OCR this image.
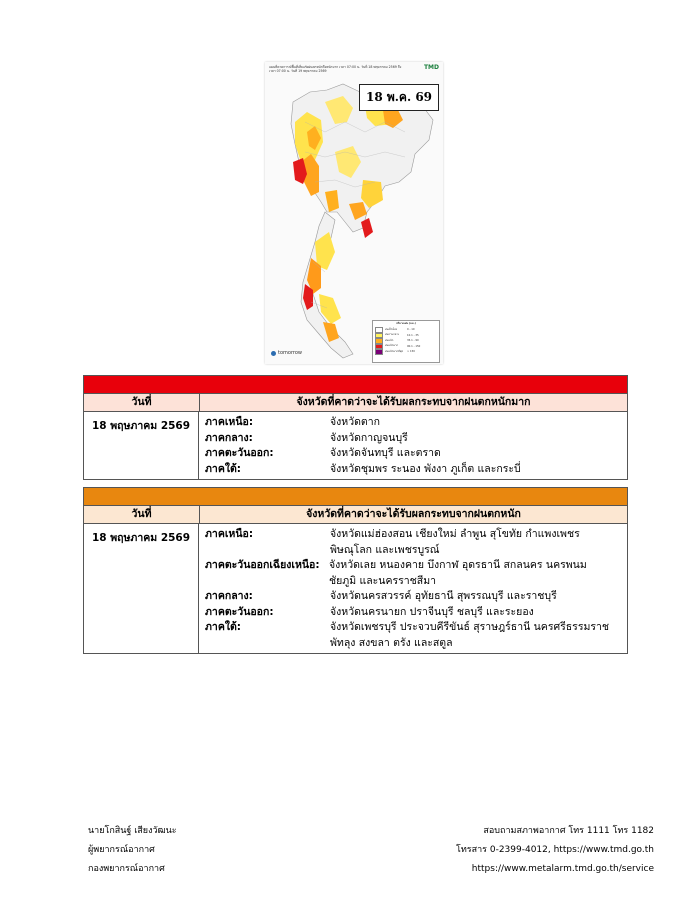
แผนที่คาดการณ์พื้นที่เสี่ยงภัยฝนตกหนักถึงหนักมาก เวลา 07:00 น. วันที่ 18 พฤษภาคม 2569 ถึง เวลา 07:00 น. วันที่ 19 พฤษภาคม 2569	TMD
ปริมาณฝน (มม.)
ฝนเล็กน้อย	0 - 10
ฝนปานกลาง	10.1 - 35
ฝนหนัก	35.1 - 90
ฝนหนักมาก	90.1 - 150
ฝนหนักมากที่สุด	> 150
tomorrow
18 พ.ค. 69
วันที่	จังหวัดที่คาดว่าจะได้รับผลกระทบจากฝนตกหนักมาก
18 พฤษภาคม 2569	ภาคเหนือ:	จังหวัดตาก
ภาคกลาง:	จังหวัดกาญจนบุรี
ภาคตะวันออก:	จังหวัดจันทบุรี และตราด
ภาคใต้:	จังหวัดชุมพร ระนอง พังงา ภูเก็ต และกระบี่
วันที่	จังหวัดที่คาดว่าจะได้รับผลกระทบจากฝนตกหนัก
18 พฤษภาคม 2569	ภาคเหนือ:	จังหวัดแม่ฮ่องสอน เชียงใหม่ ลำพูน สุโขทัย กำแพงเพชร
พิษณุโลก และเพชรบูรณ์
ภาคตะวันออกเฉียงเหนือ: จังหวัดเลย หนองคาย บึงกาฬ อุดรธานี สกลนคร นครพนม
ชัยภูมิ และนครราชสีมา
ภาคกลาง:	จังหวัดนครสวรรค์ อุทัยธานี สุพรรณบุรี และราชบุรี
ภาคตะวันออก:	จังหวัดนครนายก ปราจีนบุรี ชลบุรี และระยอง
ภาคใต้:	จังหวัดเพชรบุรี ประจวบคีรีขันธ์ สุราษฎร์ธานี นครศรีธรรมราช
พัทลุง สงขลา ตรัง และสตูล
นายโกสินฐ์ เสียงวัฒนะ
ผู้พยากรณ์อากาศ
กองพยากรณ์อากาศ
สอบถามสภาพอากาศ โทร 1111 โทร 1182
โทรสาร 0-2399-4012, https://www.tmd.go.th
https://www.metalarm.tmd.go.th/service
